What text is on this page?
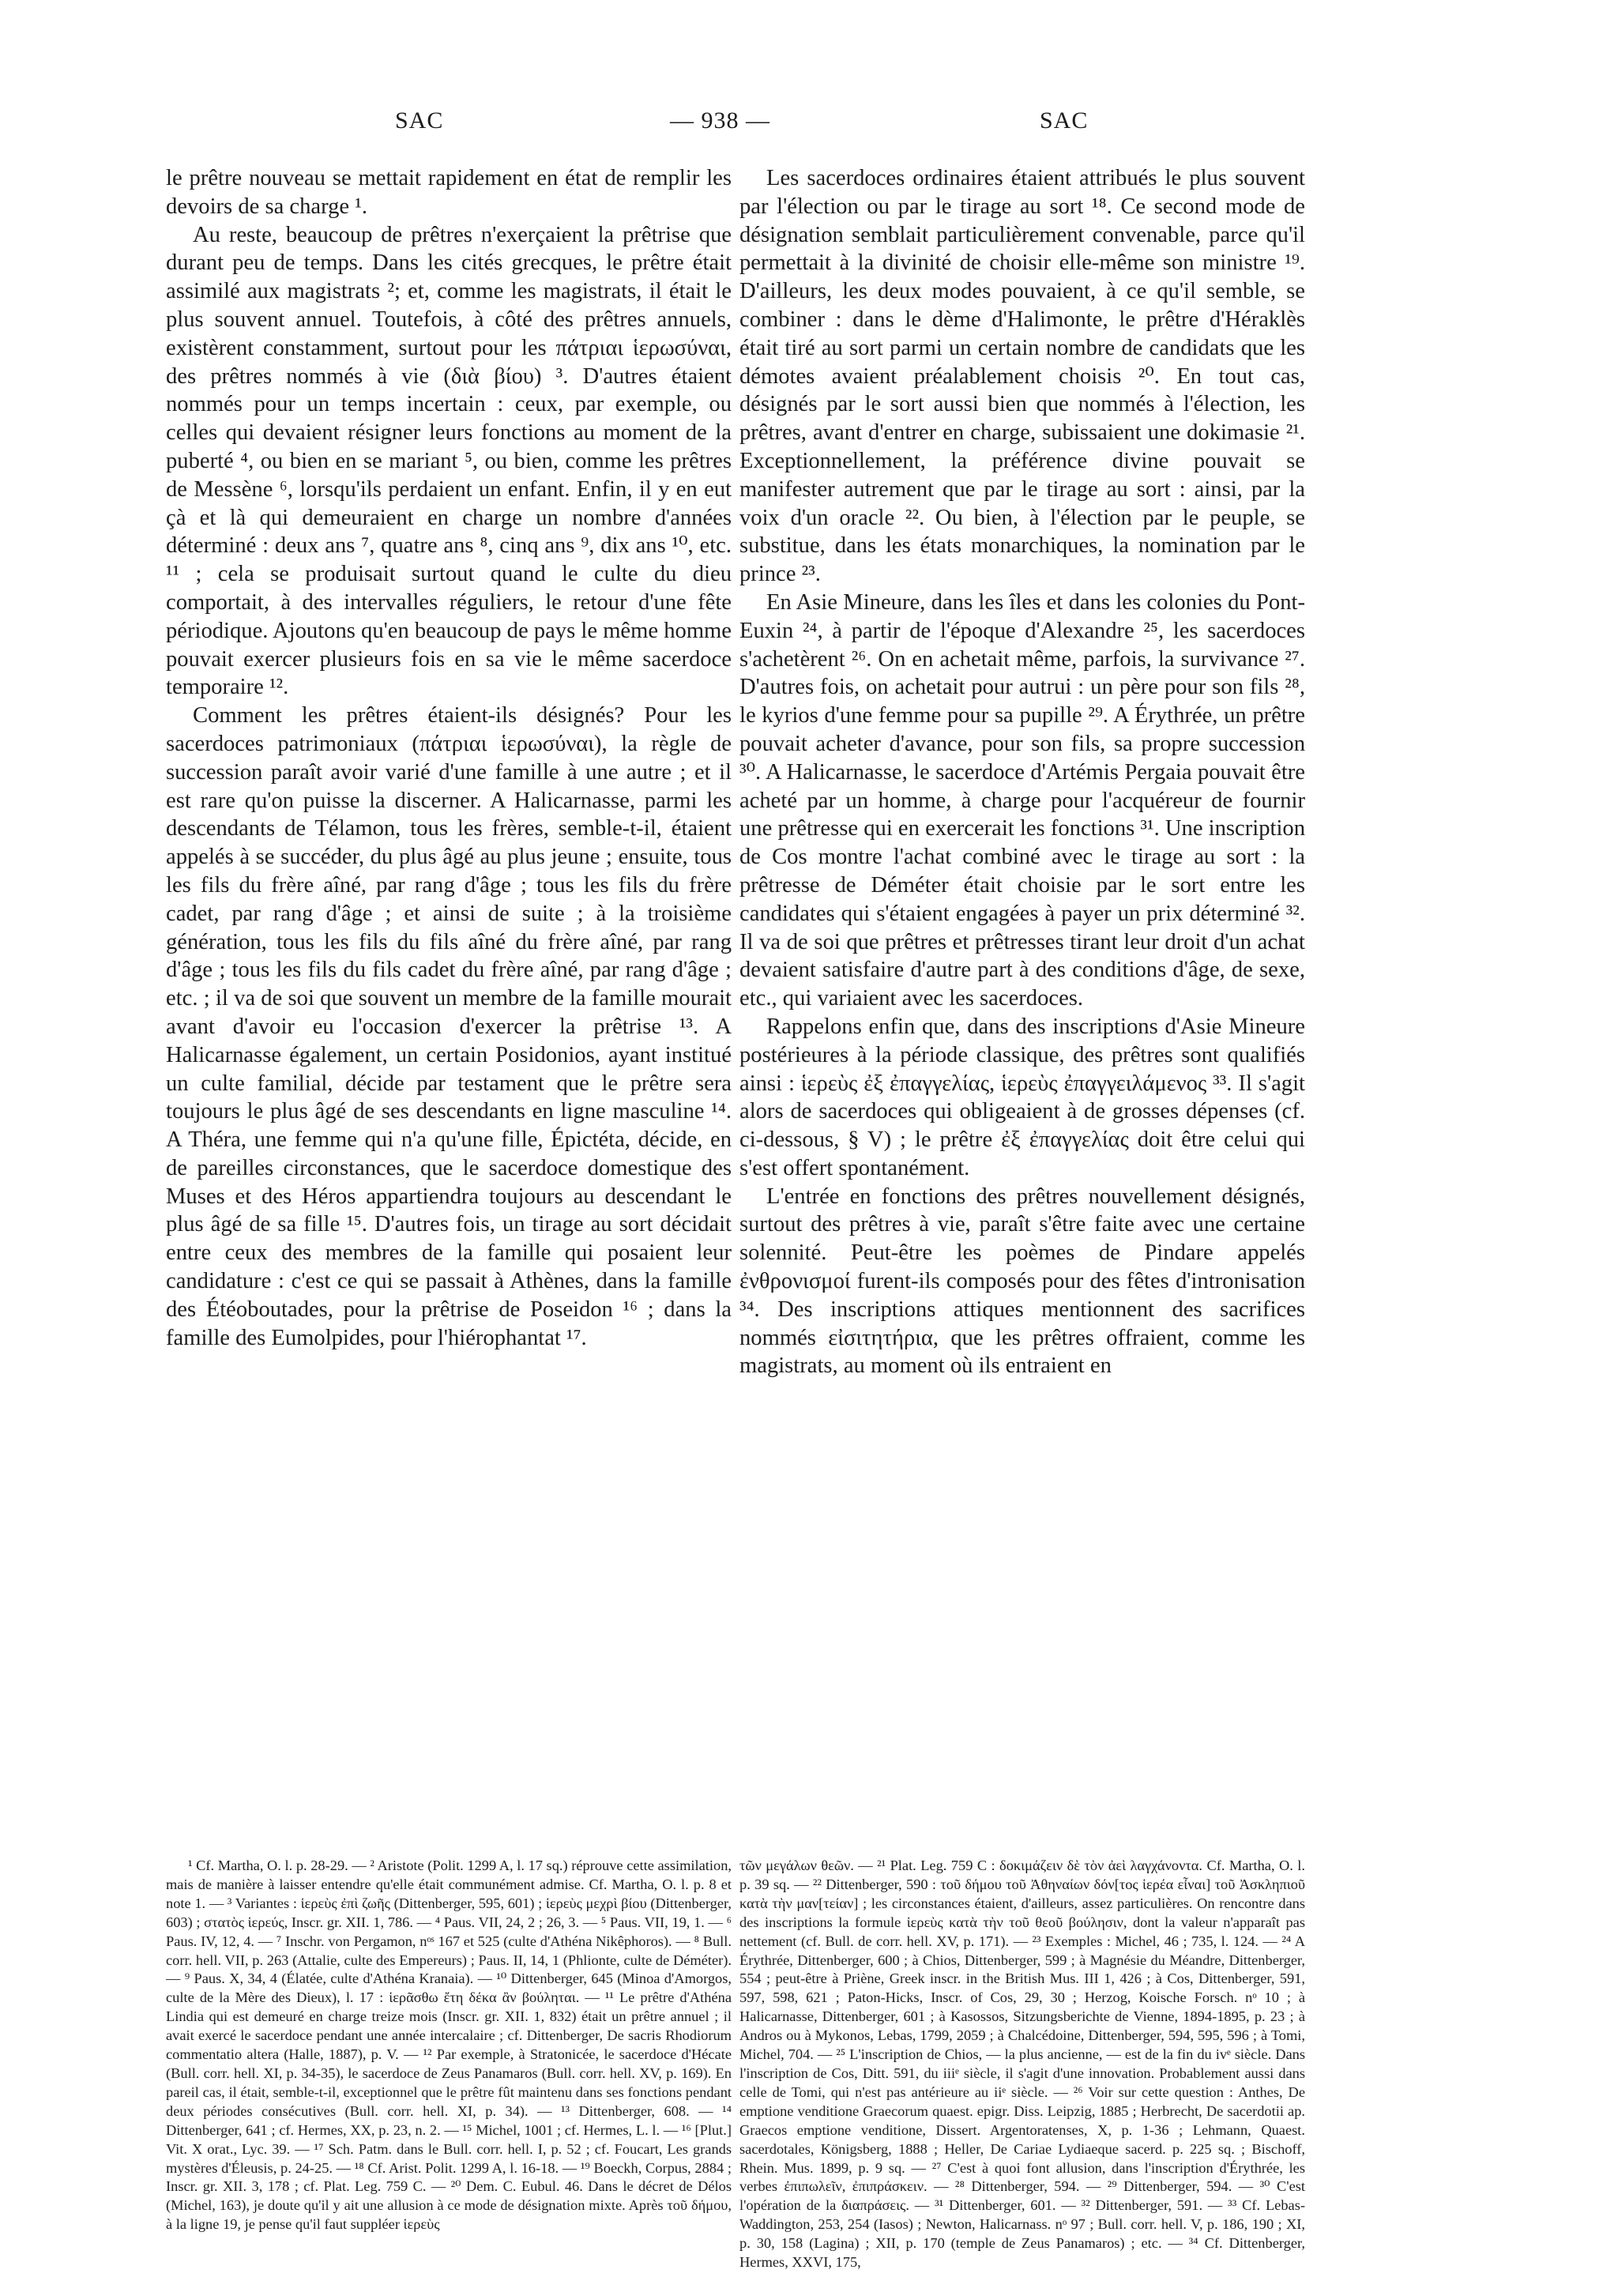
SAC	— 938 —	SAC

le prêtre nouveau se mettait rapidement en état de remplir les devoirs de sa charge ¹.

Au reste, beaucoup de prêtres n'exerçaient la prêtrise que durant peu de temps. Dans les cités grecques, le prêtre était assimilé aux magistrats ²; et, comme les magistrats, il était le plus souvent annuel. Toutefois, à côté des prêtres annuels, existèrent constamment, surtout pour les πάτριαι ἱερωσύναι, des prêtres nommés à vie (διὰ βίου) ³. D'autres étaient nommés pour un temps incertain : ceux, par exemple, ou celles qui devaient résigner leurs fonctions au moment de la puberté ⁴, ou bien en se mariant ⁵, ou bien, comme les prêtres de Messène ⁶, lorsqu'ils perdaient un enfant. Enfin, il y en eut çà et là qui demeuraient en charge un nombre d'années déterminé : deux ans ⁷, quatre ans ⁸, cinq ans ⁹, dix ans ¹⁰, etc. ¹¹ ; cela se produisait surtout quand le culte du dieu comportait, à des intervalles réguliers, le retour d'une fête périodique. Ajoutons qu'en beaucoup de pays le même homme pouvait exercer plusieurs fois en sa vie le même sacerdoce temporaire ¹².

Comment les prêtres étaient-ils désignés? Pour les sacerdoces patrimoniaux (πάτριαι ἱερωσύναι), la règle de succession paraît avoir varié d'une famille à une autre ; et il est rare qu'on puisse la discerner. A Halicarnasse, parmi les descendants de Télamon, tous les frères, semble-t-il, étaient appelés à se succéder, du plus âgé au plus jeune ; ensuite, tous les fils du frère aîné, par rang d'âge ; tous les fils du frère cadet, par rang d'âge ; et ainsi de suite ; à la troisième génération, tous les fils du fils aîné du frère aîné, par rang d'âge ; tous les fils du fils cadet du frère aîné, par rang d'âge ; etc. ; il va de soi que souvent un membre de la famille mourait avant d'avoir eu l'occasion d'exercer la prêtrise ¹³. A Halicarnasse également, un certain Posidonios, ayant institué un culte familial, décide par testament que le prêtre sera toujours le plus âgé de ses descendants en ligne masculine ¹⁴. A Théra, une femme qui n'a qu'une fille, Épictéta, décide, en de pareilles circonstances, que le sacerdoce domestique des Muses et des Héros appartiendra toujours au descendant le plus âgé de sa fille ¹⁵. D'autres fois, un tirage au sort décidait entre ceux des membres de la famille qui posaient leur candidature : c'est ce qui se passait à Athènes, dans la famille des Étéoboutades, pour la prêtrise de Poseidon ¹⁶ ; dans la famille des Eumolpides, pour l'hiérophantat ¹⁷.

Les sacerdoces ordinaires étaient attribués le plus souvent par l'élection ou par le tirage au sort ¹⁸. Ce second mode de désignation semblait particulièrement convenable, parce qu'il permettait à la divinité de choisir elle-même son ministre ¹⁹. D'ailleurs, les deux modes pouvaient, à ce qu'il semble, se combiner : dans le dème d'Halimonte, le prêtre d'Héraklès était tiré au sort parmi un certain nombre de candidats que les démotes avaient préalablement choisis ²⁰. En tout cas, désignés par le sort aussi bien que nommés à l'élection, les prêtres, avant d'entrer en charge, subissaient une dokimasie ²¹. Exceptionnellement, la préférence divine pouvait se manifester autrement que par le tirage au sort : ainsi, par la voix d'un oracle ²². Ou bien, à l'élection par le peuple, se substitue, dans les états monarchiques, la nomination par le prince ²³.

En Asie Mineure, dans les îles et dans les colonies du Pont-Euxin ²⁴, à partir de l'époque d'Alexandre ²⁵, les sacerdoces s'achetèrent ²⁶. On en achetait même, parfois, la survivance ²⁷. D'autres fois, on achetait pour autrui : un père pour son fils ²⁸, le kyrios d'une femme pour sa pupille ²⁹. A Érythrée, un prêtre pouvait acheter d'avance, pour son fils, sa propre succession ³⁰. A Halicarnasse, le sacerdoce d'Artémis Pergaia pouvait être acheté par un homme, à charge pour l'acquéreur de fournir une prêtresse qui en exercerait les fonctions ³¹. Une inscription de Cos montre l'achat combiné avec le tirage au sort : la prêtresse de Déméter était choisie par le sort entre les candidates qui s'étaient engagées à payer un prix déterminé ³². Il va de soi que prêtres et prêtresses tirant leur droit d'un achat devaient satisfaire d'autre part à des conditions d'âge, de sexe, etc., qui variaient avec les sacerdoces.

Rappelons enfin que, dans des inscriptions d'Asie Mineure postérieures à la période classique, des prêtres sont qualifiés ainsi : ἱερεὺς ἐξ ἐπαγγελίας, ἱερεὺς ἐπαγγειλάμενος ³³. Il s'agit alors de sacerdoces qui obligeaient à de grosses dépenses (cf. ci-dessous, § V) ; le prêtre ἐξ ἐπαγγελίας doit être celui qui s'est offert spontanément.

L'entrée en fonctions des prêtres nouvellement désignés, surtout des prêtres à vie, paraît s'être faite avec une certaine solennité. Peut-être les poèmes de Pindare appelés ἐνθρονισμοί furent-ils composés pour des fêtes d'intronisation ³⁴. Des inscriptions attiques mentionnent des sacrifices nommés εἰσιτητήρια, que les prêtres offraient, comme les magistrats, au moment où ils entraient en

¹ Cf. Martha, O. l. p. 28-29. — ² Aristote (Polit. 1299 A, l. 17 sq.) réprouve cette assimilation, mais de manière à laisser entendre qu'elle était communément admise. Cf. Martha, O. l. p. 8 et note 1. — ³ Variantes : ἱερεὺς ἐπὶ ζωῆς (Dittenberger, 595, 601) ; ἱερεὺς μεχρὶ βίου (Dittenberger, 603) ; στατὸς ἱερεύς, Inscr. gr. XII. 1, 786. — ⁴ Paus. VII, 24, 2 ; 26, 3. — ⁵ Paus. VII, 19, 1. — ⁶ Paus. IV, 12, 4. — ⁷ Inschr. von Pergamon, nᵒˢ 167 et 525 (culte d'Athéna Nikêphoros). — ⁸ Bull. corr. hell. VII, p. 263 (Attalie, culte des Empereurs) ; Paus. II, 14, 1 (Phlionte, culte de Déméter). — ⁹ Paus. X, 34, 4 (Élatée, culte d'Athéna Kranaia). — ¹⁰ Dittenberger, 645 (Minoa d'Amorgos, culte de la Mère des Dieux), l. 17 : ἱερᾶσθω ἔτη δέκα ἂν βούληται. — ¹¹ Le prêtre d'Athéna Lindia qui est demeuré en charge treize mois (Inscr. gr. XII. 1, 832) était un prêtre annuel ; il avait exercé le sacerdoce pendant une année intercalaire ; cf. Dittenberger, De sacris Rhodiorum commentatio altera (Halle, 1887), p. V. — ¹² Par exemple, à Stratonicée, le sacerdoce d'Hécate (Bull. corr. hell. XI, p. 34-35), le sacerdoce de Zeus Panamaros (Bull. corr. hell. XV, p. 169). En pareil cas, il était, semble-t-il, exceptionnel que le prêtre fût maintenu dans ses fonctions pendant deux périodes consécutives (Bull. corr. hell. XI, p. 34). — ¹³ Dittenberger, 608. — ¹⁴ Dittenberger, 641 ; cf. Hermes, XX, p. 23, n. 2. — ¹⁵ Michel, 1001 ; cf. Hermes, L. l. — ¹⁶ [Plut.] Vit. X orat., Lyc. 39. — ¹⁷ Sch. Patm. dans le Bull. corr. hell. I, p. 52 ; cf. Foucart, Les grands mystères d'Éleusis, p. 24-25. — ¹⁸ Cf. Arist. Polit. 1299 A, l. 16-18. — ¹⁹ Boeckh, Corpus, 2884 ; Inscr. gr. XII. 3, 178 ; cf. Plat. Leg. 759 C. — ²⁰ Dem. C. Eubul. 46. Dans le décret de Délos (Michel, 163), je doute qu'il y ait une allusion à ce mode de désignation mixte. Après τοῦ δήμου, à la ligne 19, je pense qu'il faut suppléer ἱερεὺς

τῶν μεγάλων θεῶν. — ²¹ Plat. Leg. 759 C : δοκιμάζειν δὲ τὸν ἀεὶ λαγχάνοντα. Cf. Martha, O. l. p. 39 sq. — ²² Dittenberger, 590 : τοῦ δήμου τοῦ Ἀθηναίων δόν[τος ἱερέα εἶναι] τοῦ Ἀσκληπιοῦ κατὰ τὴν μαν[τείαν] ; les circonstances étaient, d'ailleurs, assez particulières. On rencontre dans des inscriptions la formule ἱερεὺς κατὰ τὴν τοῦ θεοῦ βούλησιν, dont la valeur n'apparaît pas nettement (cf. Bull. de corr. hell. XV, p. 171). — ²³ Exemples : Michel, 46 ; 735, l. 124. — ²⁴ A Érythrée, Dittenberger, 600 ; à Chios, Dittenberger, 599 ; à Magnésie du Méandre, Dittenberger, 554 ; peut-être à Priène, Greek inscr. in the British Mus. III 1, 426 ; à Cos, Dittenberger, 591, 597, 598, 621 ; Paton-Hicks, Inscr. of Cos, 29, 30 ; Herzog, Koische Forsch. nᵒ 10 ; à Halicarnasse, Dittenberger, 601 ; à Kasossos, Sitzungsberichte de Vienne, 1894-1895, p. 23 ; à Andros ou à Mykonos, Lebas, 1799, 2059 ; à Chalcédoine, Dittenberger, 594, 595, 596 ; à Tomi, Michel, 704. — ²⁵ L'inscription de Chios, — la plus ancienne, — est de la fin du ivᵉ siècle. Dans l'inscription de Cos, Ditt. 591, du iiiᵉ siècle, il s'agit d'une innovation. Probablement aussi dans celle de Tomi, qui n'est pas antérieure au iiᵉ siècle. — ²⁶ Voir sur cette question : Anthes, De emptione venditione Graecorum quaest. epigr. Diss. Leipzig, 1885 ; Herbrecht, De sacerdotii ap. Graecos emptione venditione, Dissert. Argentoratenses, X, p. 1-36 ; Lehmann, Quaest. sacerdotales, Königsberg, 1888 ; Heller, De Cariae Lydiaeque sacerd. p. 225 sq. ; Bischoff, Rhein. Mus. 1899, p. 9 sq. — ²⁷ C'est à quoi font allusion, dans l'inscription d'Érythrée, les verbes ἐπιπωλεῖν, ἐπιπράσκειν. — ²⁸ Dittenberger, 594. — ²⁹ Dittenberger, 594. — ³⁰ C'est l'opération de la διαπράσεις. — ³¹ Dittenberger, 601. — ³² Dittenberger, 591. — ³³ Cf. Lebas-Waddington, 253, 254 (Iasos) ; Newton, Halicarnass. nᵒ 97 ; Bull. corr. hell. V, p. 186, 190 ; XI, p. 30, 158 (Lagina) ; XII, p. 170 (temple de Zeus Panamaros) ; etc. — ³⁴ Cf. Dittenberger, Hermes, XXVI, 175,
